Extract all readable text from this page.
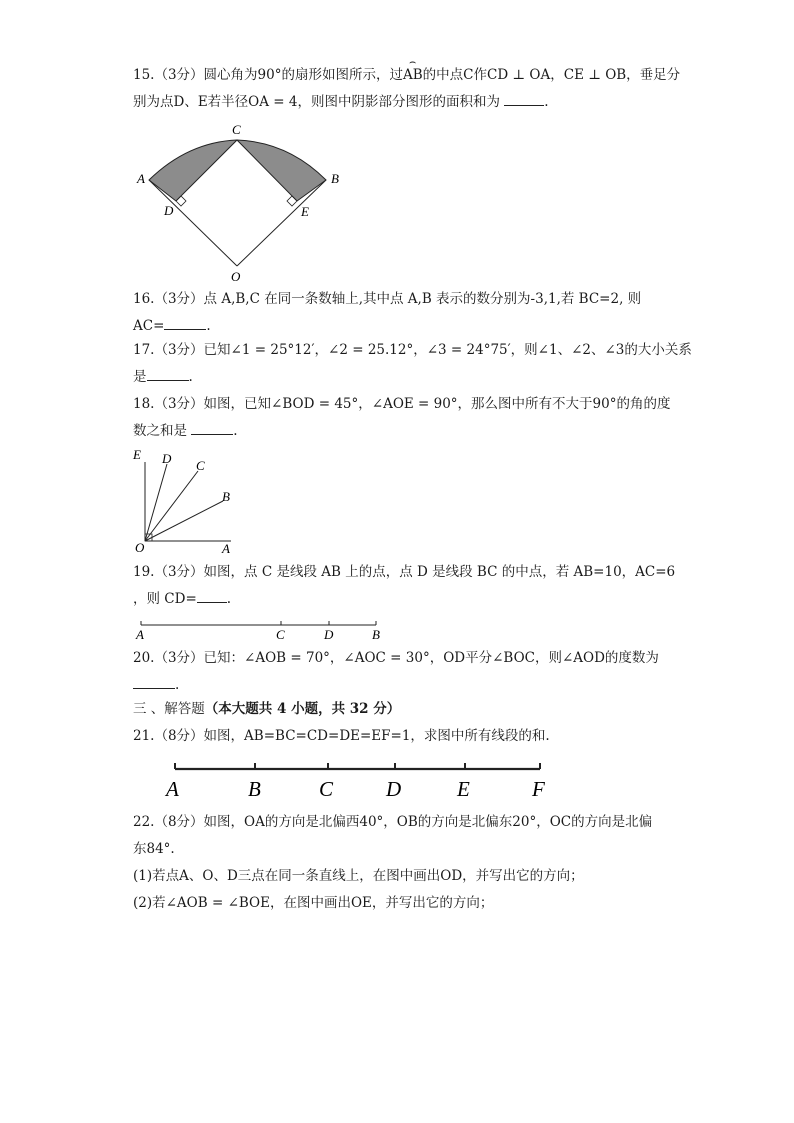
⌢

15.（3分）圆心角为90°的扇形如图所示，过AB的中点C作CD ⊥ OA，CE ⊥ OB，垂足分

别为点D、E若半径OA = 4，则图中阴影部分图形的面积和为	.

A	B
C
D	E
O

16.（3分）点 A,B,C 在同一条数轴上,其中点 A,B 表示的数分别为-3,1,若 BC=2, 则

AC=	.

17.（3分）已知∠1 = 25°12′，∠2 = 25.12°，∠3 = 24°75′，则∠1、∠2、∠3的大小关系

是	.

18.（3分）如图，已知∠BOD = 45°，∠AOE = 90°，那么图中所有不大于90°的角的度

数之和是	.

E D C
B
O	A

19.（3分）如图，点 C 是线段 AB 上的点，点 D 是线段 BC 的中点，若 AB=10，AC=6

，则 CD= .

A	C	D	B

20.（3分）已知：∠AOB = 70°，∠AOC = 30°，OD平分∠BOC，则∠AOD的度数为

.

三 、解答题（本大题共 4 小题，共 32 分）

21.（8分）如图，AB=BC=CD=DE=EF=1，求图中所有线段的和.

A	B	C	D	E	F

22.（8分）如图，OA的方向是北偏西40°，OB的方向是北偏东20°，OC的方向是北偏

东84°.

(1)若点A、O、D三点在同一条直线上，在图中画出OD，并写出它的方向；

(2)若∠AOB = ∠BOE，在图中画出OE，并写出它的方向；
